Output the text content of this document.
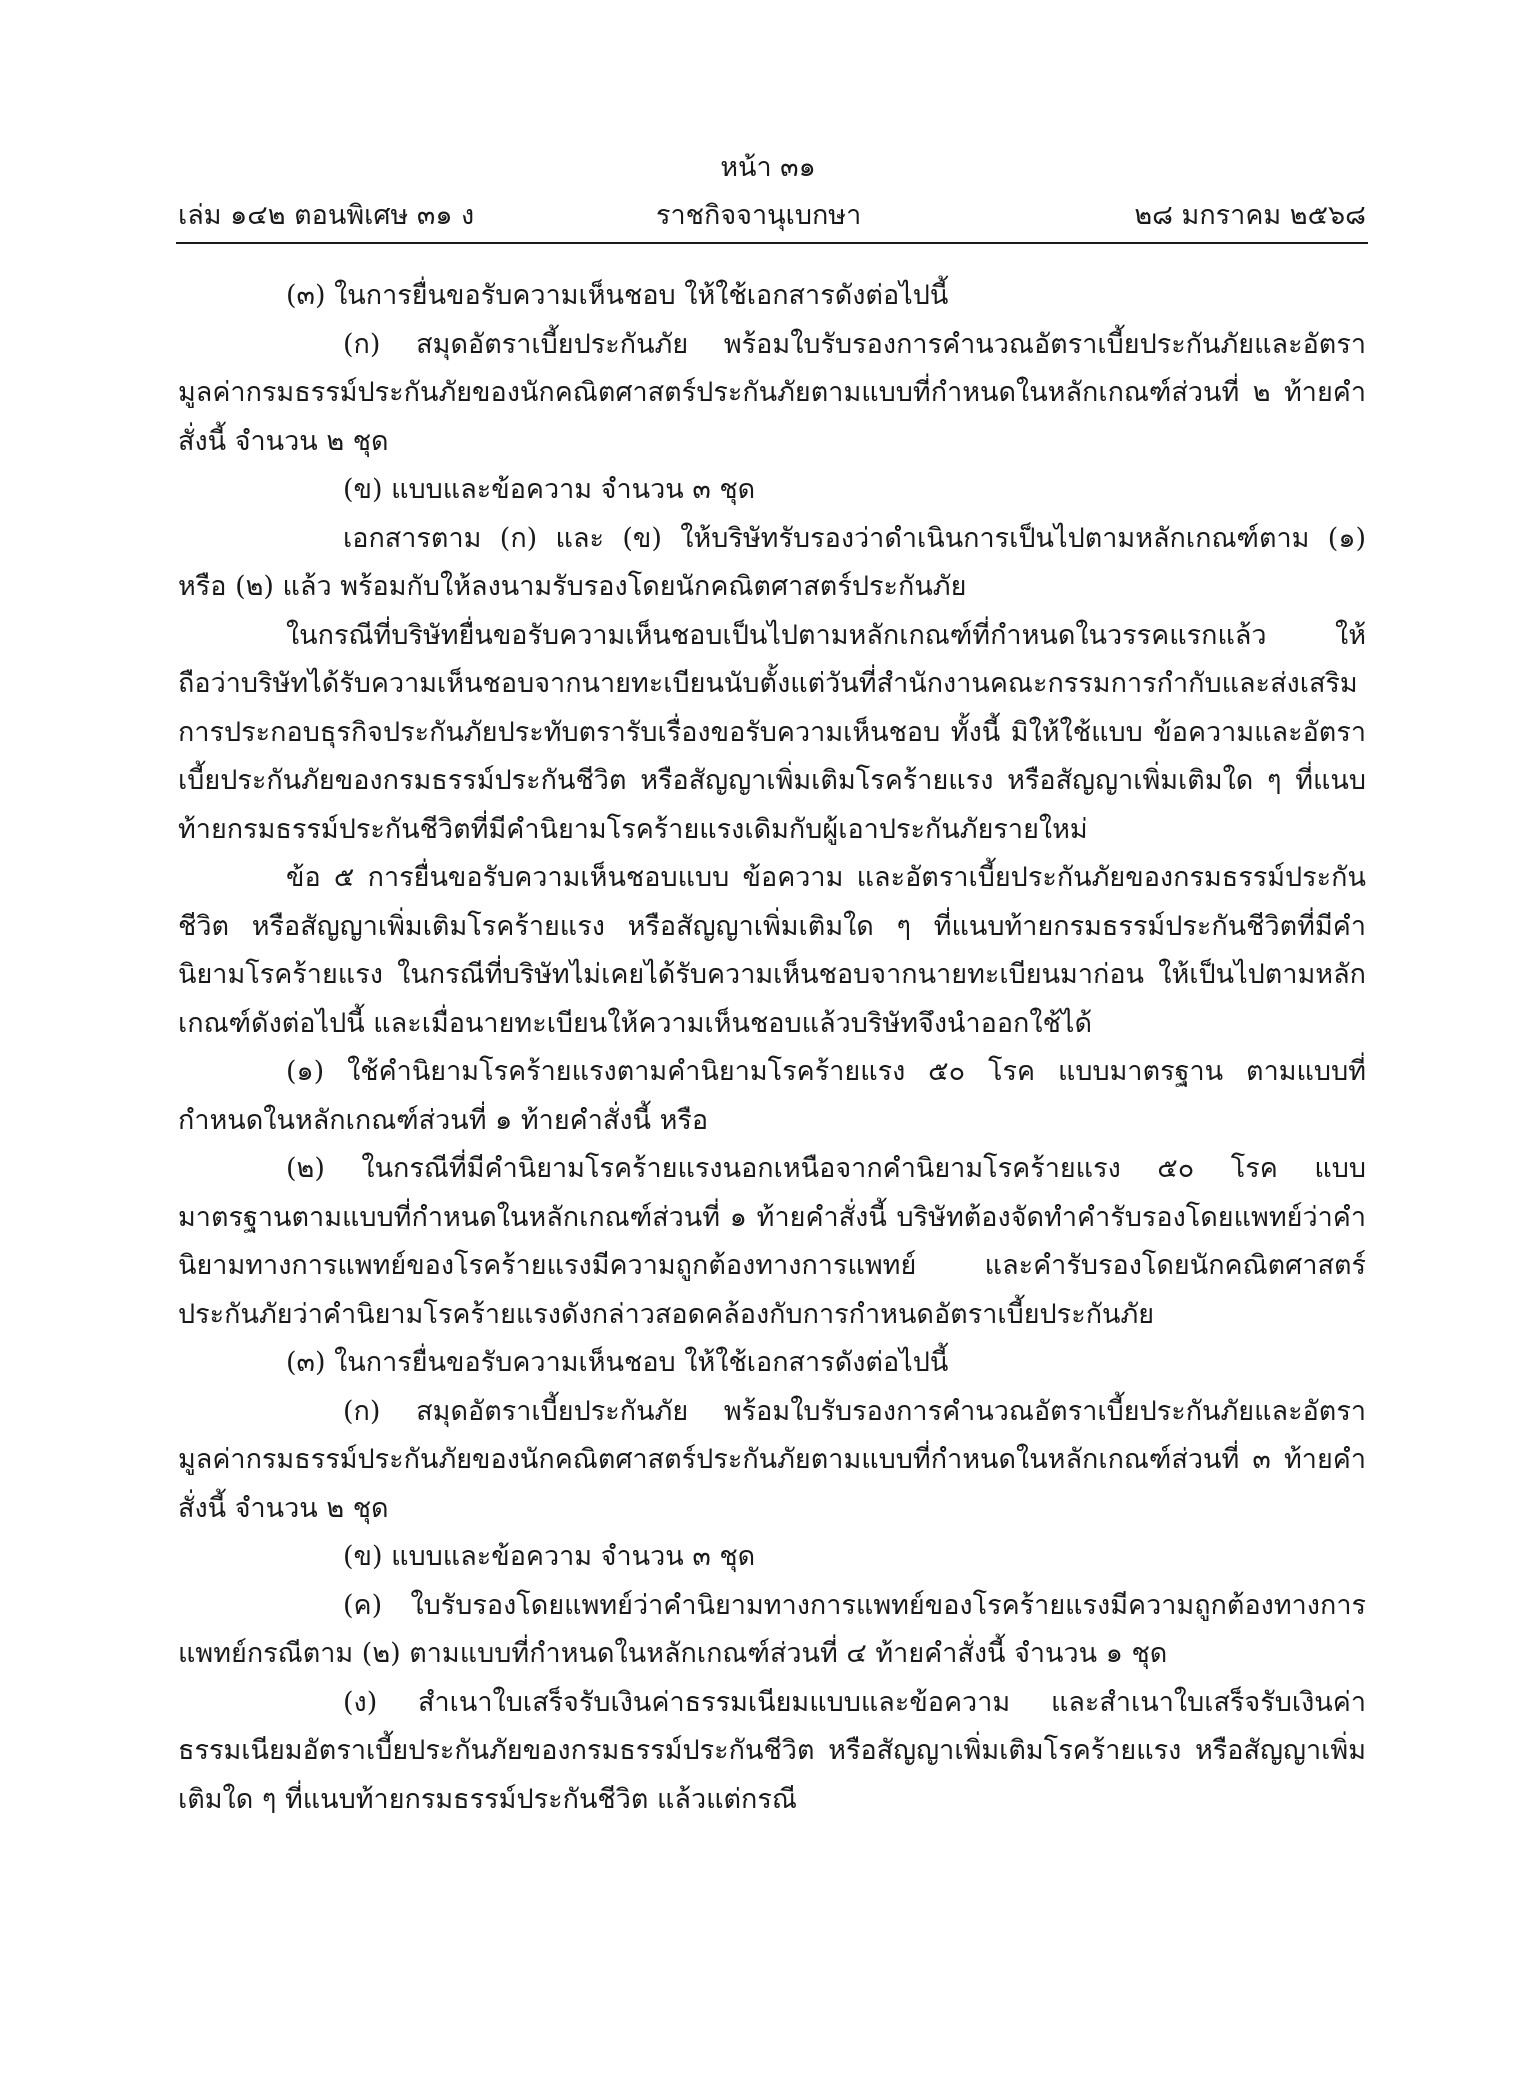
หน้า ๓๑
เล่ม ๑๔๒ ตอนพิเศษ ๓๑ ง	ราชกิจจานุเบกษา	๒๘ มกราคม ๒๕๖๘

(๓) ในการยื่นขอรับความเห็นชอบ ให้ใช้เอกสารดังต่อไปนี้

(ก) สมุดอัตราเบี้ยประกันภัย พร้อมใบรับรองการคำนวณอัตราเบี้ยประกันภัยและอัตรามูลค่ากรมธรรม์ประกันภัยของนักคณิตศาสตร์ประกันภัยตามแบบที่กำหนดในหลักเกณฑ์ส่วนที่ ๒ ท้ายคำสั่งนี้ จำนวน ๒ ชุด

(ข) แบบและข้อความ จำนวน ๓ ชุด

เอกสารตาม (ก) และ (ข) ให้บริษัทรับรองว่าดำเนินการเป็นไปตามหลักเกณฑ์ตาม (๑) หรือ (๒) แล้ว พร้อมกับให้ลงนามรับรองโดยนักคณิตศาสตร์ประกันภัย

ในกรณีที่บริษัทยื่นขอรับความเห็นชอบเป็นไปตามหลักเกณฑ์ที่กำหนดในวรรคแรกแล้ว ให้ถือว่าบริษัทได้รับความเห็นชอบจากนายทะเบียนนับตั้งแต่วันที่สำนักงานคณะกรรมการกำกับและส่งเสริมการประกอบธุรกิจประกันภัยประทับตรารับเรื่องขอรับความเห็นชอบ ทั้งนี้ มิให้ใช้แบบ ข้อความและอัตราเบี้ยประกันภัยของกรมธรรม์ประกันชีวิต หรือสัญญาเพิ่มเติมโรคร้ายแรง หรือสัญญาเพิ่มเติมใด ๆ ที่แนบท้ายกรมธรรม์ประกันชีวิตที่มีคำนิยามโรคร้ายแรงเดิมกับผู้เอาประกันภัยรายใหม่

ข้อ ๕ การยื่นขอรับความเห็นชอบแบบ ข้อความ และอัตราเบี้ยประกันภัยของกรมธรรม์ประกันชีวิต หรือสัญญาเพิ่มเติมโรคร้ายแรง หรือสัญญาเพิ่มเติมใด ๆ ที่แนบท้ายกรมธรรม์ประกันชีวิตที่มีคำนิยามโรคร้ายแรง ในกรณีที่บริษัทไม่เคยได้รับความเห็นชอบจากนายทะเบียนมาก่อน ให้เป็นไปตามหลักเกณฑ์ดังต่อไปนี้ และเมื่อนายทะเบียนให้ความเห็นชอบแล้วบริษัทจึงนำออกใช้ได้

(๑) ใช้คำนิยามโรคร้ายแรงตามคำนิยามโรคร้ายแรง ๕๐ โรค แบบมาตรฐาน ตามแบบที่กำหนดในหลักเกณฑ์ส่วนที่ ๑ ท้ายคำสั่งนี้ หรือ

(๒) ในกรณีที่มีคำนิยามโรคร้ายแรงนอกเหนือจากคำนิยามโรคร้ายแรง ๕๐ โรค แบบมาตรฐานตามแบบที่กำหนดในหลักเกณฑ์ส่วนที่ ๑ ท้ายคำสั่งนี้ บริษัทต้องจัดทำคำรับรองโดยแพทย์ว่าคำนิยามทางการแพทย์ของโรคร้ายแรงมีความถูกต้องทางการแพทย์ และคำรับรองโดยนักคณิตศาสตร์ประกันภัยว่าคำนิยามโรคร้ายแรงดังกล่าวสอดคล้องกับการกำหนดอัตราเบี้ยประกันภัย

(๓) ในการยื่นขอรับความเห็นชอบ ให้ใช้เอกสารดังต่อไปนี้

(ก) สมุดอัตราเบี้ยประกันภัย พร้อมใบรับรองการคำนวณอัตราเบี้ยประกันภัยและอัตรามูลค่ากรมธรรม์ประกันภัยของนักคณิตศาสตร์ประกันภัยตามแบบที่กำหนดในหลักเกณฑ์ส่วนที่ ๓ ท้ายคำสั่งนี้ จำนวน ๒ ชุด

(ข) แบบและข้อความ จำนวน ๓ ชุด

(ค) ใบรับรองโดยแพทย์ว่าคำนิยามทางการแพทย์ของโรคร้ายแรงมีความถูกต้องทางการแพทย์กรณีตาม (๒) ตามแบบที่กำหนดในหลักเกณฑ์ส่วนที่ ๔ ท้ายคำสั่งนี้ จำนวน ๑ ชุด

(ง) สำเนาใบเสร็จรับเงินค่าธรรมเนียมแบบและข้อความ และสำเนาใบเสร็จรับเงินค่าธรรมเนียมอัตราเบี้ยประกันภัยของกรมธรรม์ประกันชีวิต หรือสัญญาเพิ่มเติมโรคร้ายแรง หรือสัญญาเพิ่มเติมใด ๆ ที่แนบท้ายกรมธรรม์ประกันชีวิต แล้วแต่กรณี
